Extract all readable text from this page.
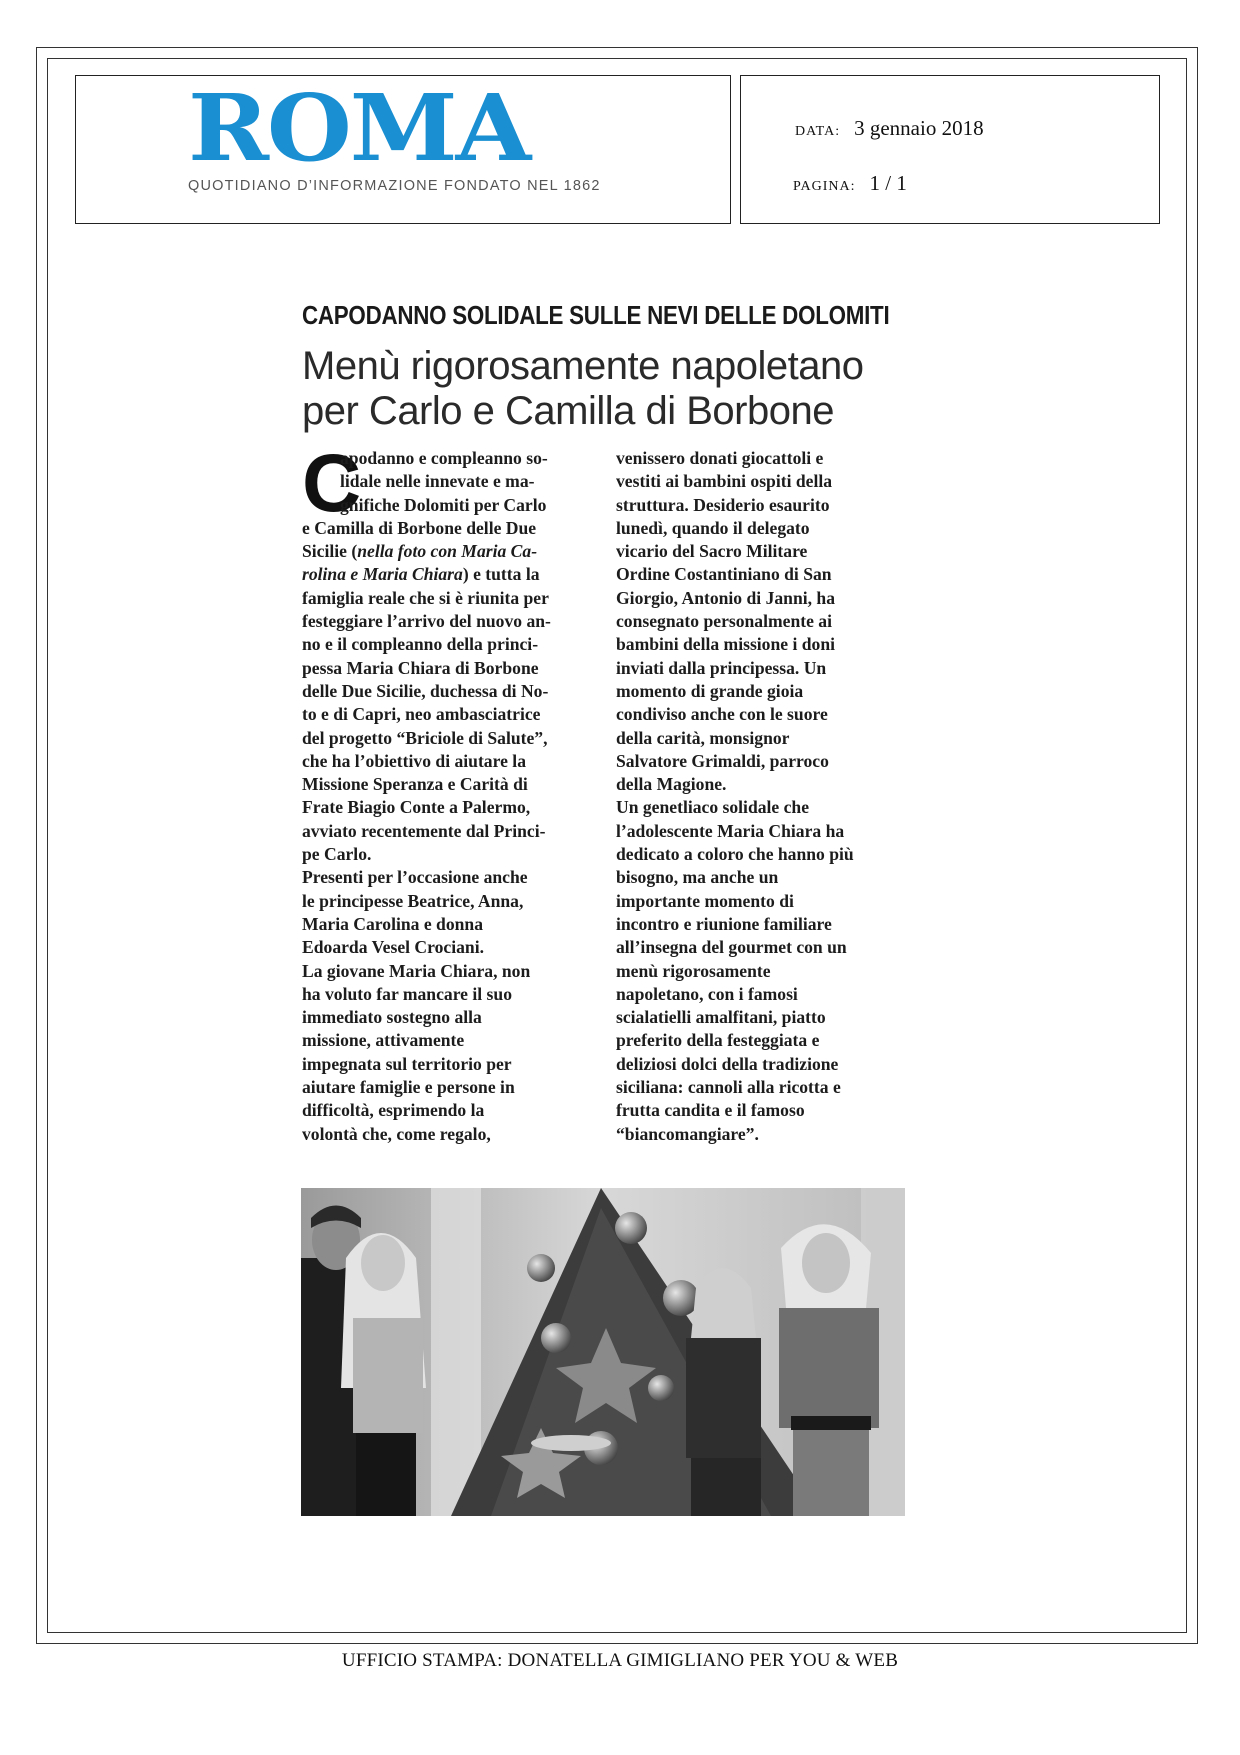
ROMA
QUOTIDIANO D’INFORMAZIONE FONDATO NEL 1862
DATA: 3 gennaio 2018
PAGINA: 1 / 1
CAPODANNO SOLIDALE SULLE NEVI DELLE DOLOMITI
Menù rigorosamente napoletano
per Carlo e Camilla di Borbone
C
apodanno e compleanno so-
lidale nelle innevate e ma-
gnifiche Dolomiti per Carlo
e Camilla di Borbone delle Due
Sicilie (nella foto con Maria Ca-
rolina e Maria Chiara) e tutta la
famiglia reale che si è riunita per
festeggiare l’arrivo del nuovo an-
no e il compleanno della princi-
pessa Maria Chiara di Borbone
delle Due Sicilie, duchessa di No-
to e di Capri, neo ambasciatrice
del progetto “Briciole di Salute”,
che ha l’obiettivo di aiutare la
Missione Speranza e Carità di
Frate Biagio Conte a Palermo,
avviato recentemente dal Princi-
pe Carlo.
Presenti per l’occasione anche
le principesse Beatrice, Anna,
Maria Carolina e donna
Edoarda Vesel Crociani.
La giovane Maria Chiara, non
ha voluto far mancare il suo
immediato sostegno alla
missione, attivamente
impegnata sul territorio per
aiutare famiglie e persone in
difficoltà, esprimendo la
volontà che, come regalo,
venissero donati giocattoli e
vestiti ai bambini ospiti della
struttura. Desiderio esaurito
lunedì, quando il delegato
vicario del Sacro Militare
Ordine Costantiniano di San
Giorgio, Antonio di Janni, ha
consegnato personalmente ai
bambini della missione i doni
inviati dalla principessa. Un
momento di grande gioia
condiviso anche con le suore
della carità, monsignor
Salvatore Grimaldi, parroco
della Magione.
Un genetliaco solidale che
l’adolescente Maria Chiara ha
dedicato a coloro che hanno più
bisogno, ma anche un
importante momento di
incontro e riunione familiare
all’insegna del gourmet con un
menù rigorosamente
napoletano, con i famosi
scialatielli amalfitani, piatto
preferito della festeggiata e
deliziosi dolci della tradizione
siciliana: cannoli alla ricotta e
frutta candita e il famoso
“biancomangiare”.
UFFICIO STAMPA: DONATELLA GIMIGLIANO PER YOU & WEB
